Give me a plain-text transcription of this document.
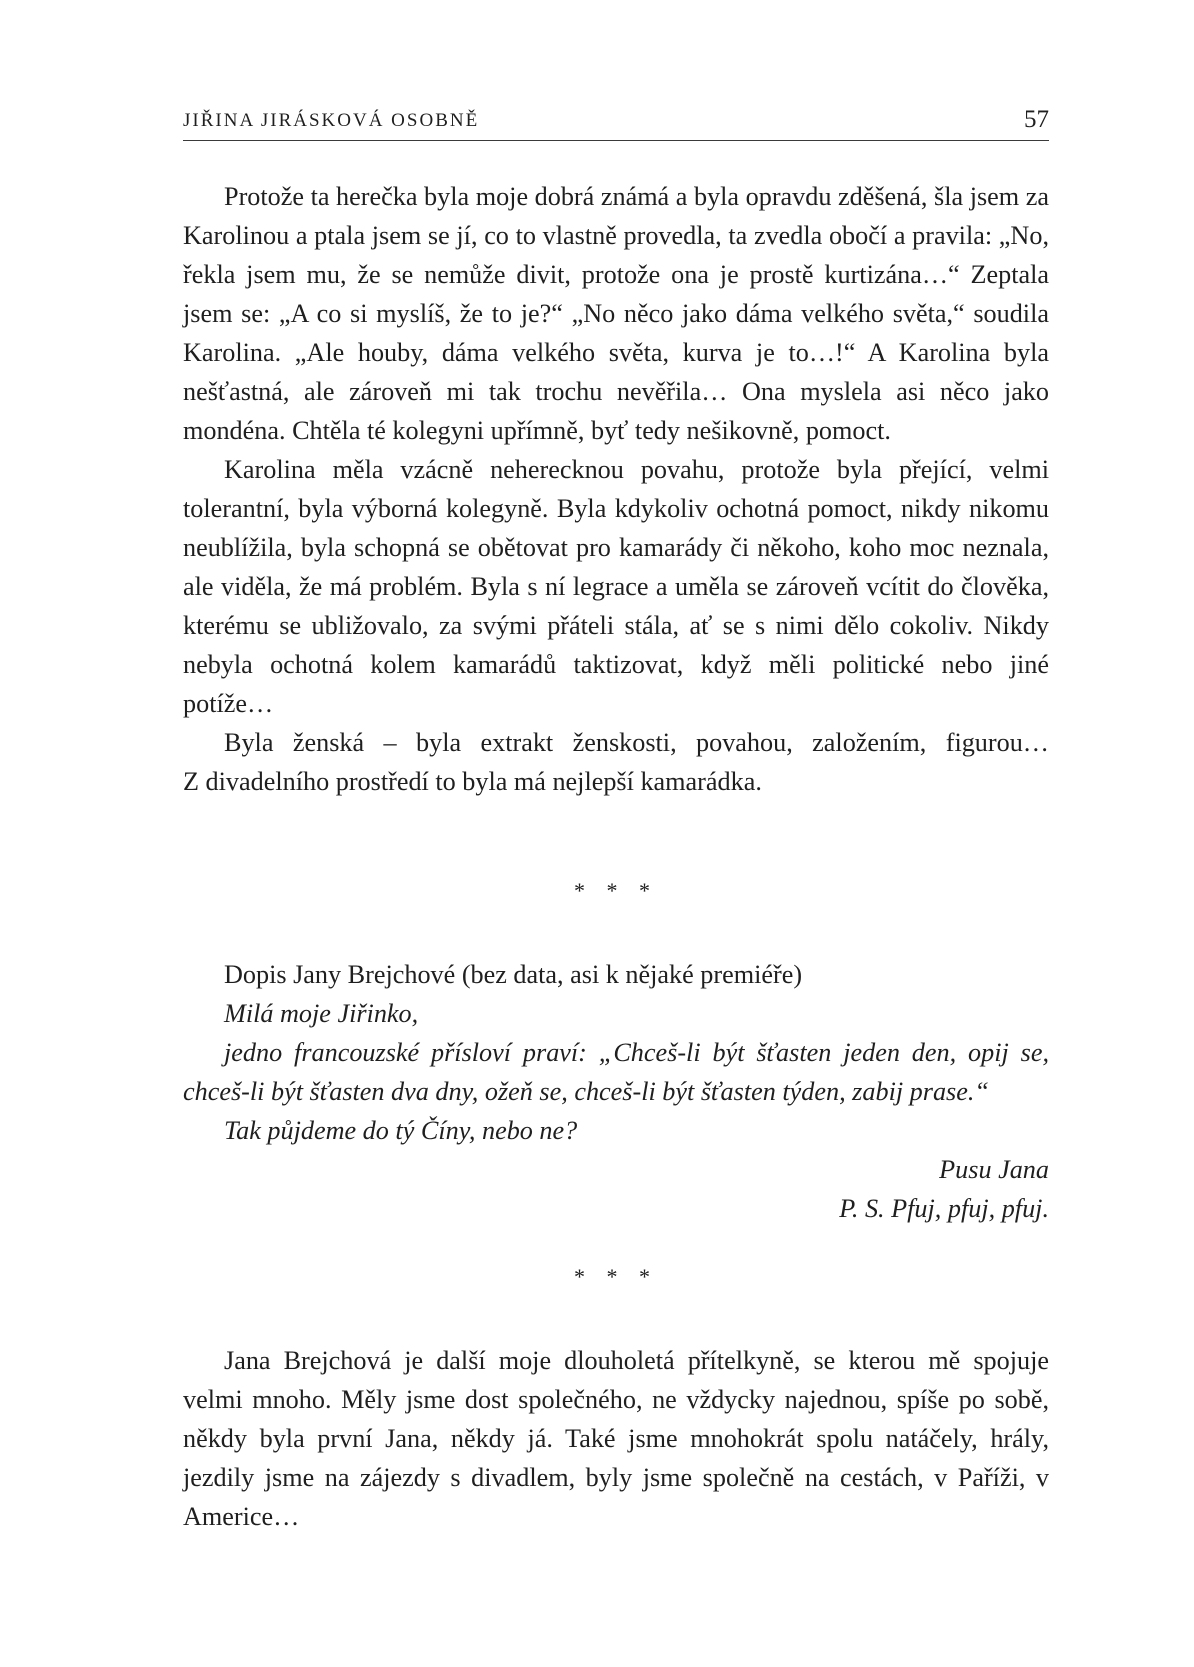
JIŘINA JIRÁSKOVÁ OSOBNĚ	57

Protože ta herečka byla moje dobrá známá a byla opravdu zděšená, šla jsem za Karolinou a ptala jsem se jí, co to vlastně provedla, ta zvedla obočí a pravila: „No, řekla jsem mu, že se nemůže divit, protože ona je prostě kurtizána…“ Zeptala jsem se: „A co si myslíš, že to je?“ „No něco jako dáma velkého světa,“ soudila Karolina. „Ale houby, dáma velkého světa, kurva je to…!“ A Karolina byla nešťastná, ale zároveň mi tak trochu nevěřila… Ona myslela asi něco jako mondéna. Chtěla té kolegyni upřímně, byť tedy nešikovně, pomoct.

Karolina měla vzácně neherecknou povahu, protože byla přející, velmi tolerantní, byla výborná kolegyně. Byla kdykoliv ochotná pomoct, nikdy nikomu neublížila, byla schopná se obětovat pro kamarády či někoho, koho moc neznala, ale viděla, že má problém. Byla s ní legrace a uměla se zároveň vcítit do člověka, kterému se ubližovalo, za svými přáteli stála, ať se s nimi dělo cokoliv. Nikdy nebyla ochotná kolem kamarádů taktizovat, když měli politické nebo jiné potíže…

Byla ženská – byla extrakt ženskosti, povahou, založením, figurou…

Z divadelního prostředí to byla má nejlepší kamarádka.

* * *

Dopis Jany Brejchové (bez data, asi k nějaké premiéře)

Milá moje Jiřinko,

jedno francouzské přísloví praví: „Chceš-li být šťasten jeden den, opij se, chceš-li být šťasten dva dny, ožeň se, chceš-li být šťasten týden, zabij prase.“

Tak půjdeme do tý Číny, nebo ne?

Pusu Jana

P. S. Pfuj, pfuj, pfuj.

* * *

Jana Brejchová je další moje dlouholetá přítelkyně, se kterou mě spojuje velmi mnoho. Měly jsme dost společného, ne vždycky najednou, spíše po sobě, někdy byla první Jana, někdy já. Také jsme mnohokrát spolu natáčely, hrály, jezdily jsme na zájezdy s divadlem, byly jsme společně na cestách, v Paříži, v Americe…
